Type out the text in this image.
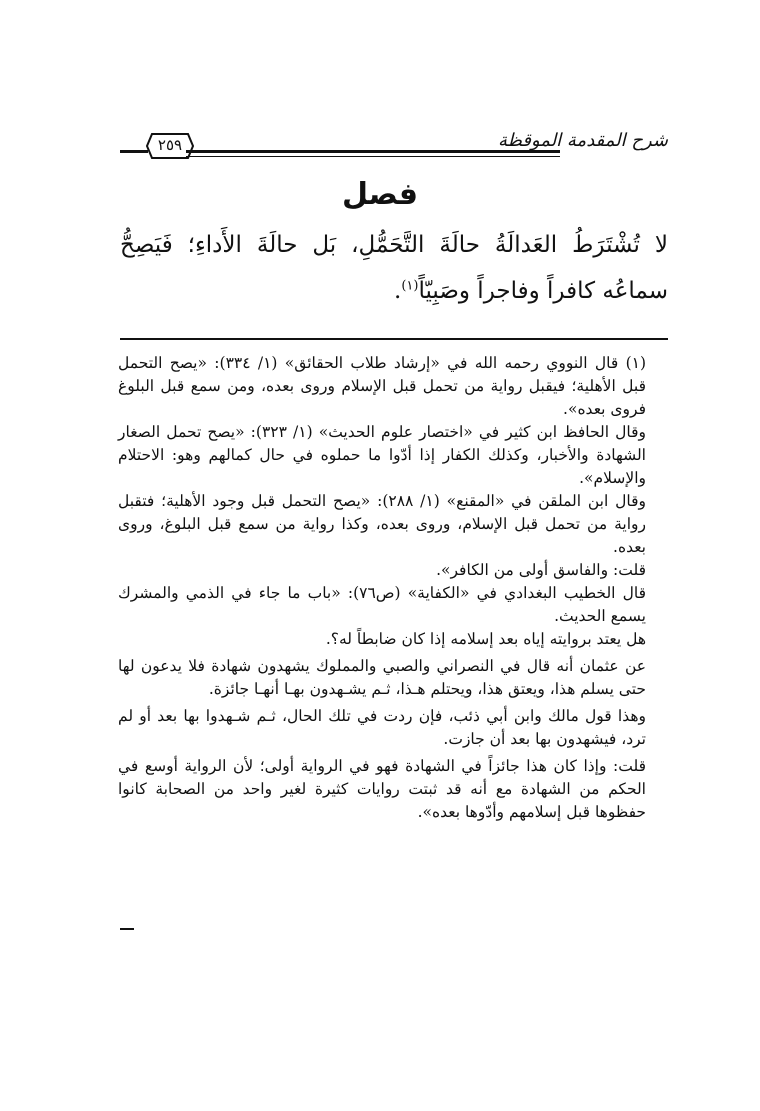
٢٥٩	شرح المقدمة الموقظة
فصل

لا تُشْتَرَطُ العَدالَةُ حالَةَ التَّحَمُّلِ، بَل حالَةَ الأَداءِ؛ فَيَصِحُّ سماعُه كافراً وفاجراً وصَبِيّاً$^{(١)}$.

(١) قال النووي رحمه الله في «إرشاد طلاب الحقائق» (١/ ٣٣٤): «يصح التحمل قبل الأهلية؛ فيقبل رواية من تحمل قبل الإسلام وروى بعده، ومن سمع قبل البلوغ فروى بعده».

وقال الحافظ ابن كثير في «اختصار علوم الحديث» (١/ ٣٢٣): «يصح تحمل الصغار الشهادة والأخبار، وكذلك الكفار إذا أدّوا ما حملوه في حال كمالهم وهو: الاحتلام والإسلام».

وقال ابن الملقن في «المقنع» (١/ ٢٨٨): «يصح التحمل قبل وجود الأهلية؛ فتقبل رواية من تحمل قبل الإسلام، وروى بعده، وكذا رواية من سمع قبل البلوغ، وروى بعده.

قلت: والفاسق أولى من الكافر».

قال الخطيب البغدادي في «الكفاية» (ص٧٦): «باب ما جاء في الذمي والمشرك يسمع الحديث.

هل يعتد بروايته إياه بعد إسلامه إذا كان ضابطاً له؟.

عن عثمان أنه قال في النصراني والصبي والمملوك يشهدون شهادة فلا يدعون لها حتى يسلم هذا، ويعتق هذا، ويحتلم هـذا، ثـم يشـهدون بهـا أنهـا جائزة.

وهذا قول مالك وابن أبي ذئب، فإن ردت في تلك الحال، ثـم شـهدوا بها بعد أو لم ترد، فيشهدون بها بعد أن جازت.

قلت: وإذا كان هذا جائزاً في الشهادة فهو في الرواية أولى؛ لأن الرواية أوسع في الحكم من الشهادة مع أنه قد ثبتت روايات كثيرة لغير واحد من الصحابة كانوا حفظوها قبل إسلامهم وأدّوها بعده».
